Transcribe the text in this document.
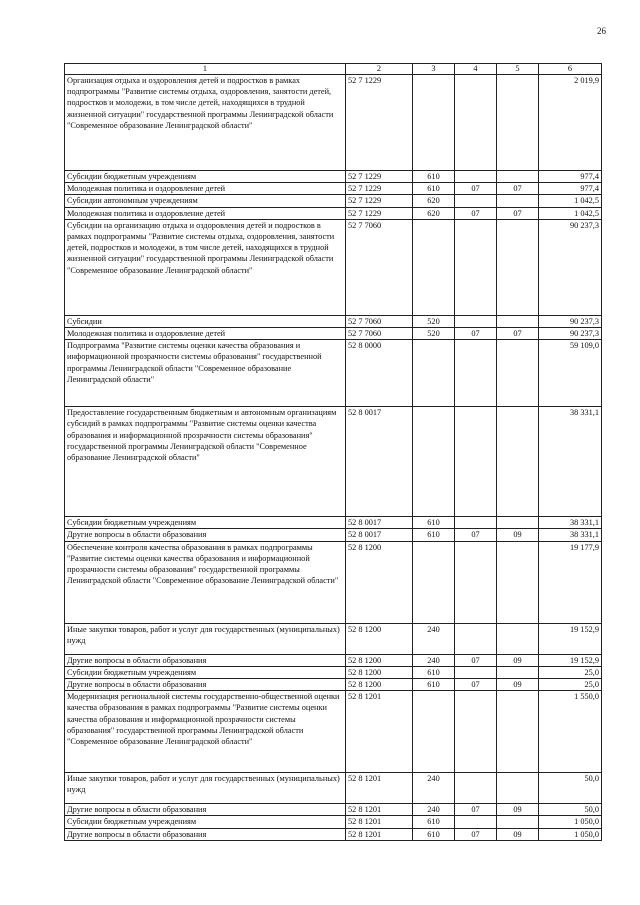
26
1	2	3	4	5	6
Организация отдыха и оздоровления детей и подростков в рамках подпрограммы "Развитие системы отдыха, оздоровления, занятости детей, подростков и молодежи, в том числе детей, находящихся в трудной жизненной ситуации" государственной программы Ленинградской области "Современное образование Ленинградской области"	52 7 1229				2 019,9
Субсидии бюджетным учреждениям	52 7 1229	610			977,4
Молодежная политика и оздоровление детей	52 7 1229	610	07	07	977,4
Субсидии автономным учреждениям	52 7 1229	620			1 042,5
Молодежная политика и оздоровление детей	52 7 1229	620	07	07	1 042,5
Субсидии на организацию отдыха и оздоровления детей и подростков в рамках подпрограммы "Развитие системы отдыха, оздоровления, занятости детей, подростков и молодежи, в том числе детей, находящихся в трудной жизненной ситуации" государственной программы Ленинградской области "Современное образование Ленинградской области"	52 7 7060				90 237,3
Субсидии	52 7 7060	520			90 237,3
Молодежная политика и оздоровление детей	52 7 7060	520	07	07	90 237,3
Подпрограмма "Развитие системы оценки качества образования и информационной прозрачности системы образования" государственной программы Ленинградской области "Современное образование Ленинградской области"	52 8 0000				59 109,0
Предоставление государственным бюджетным и автономным организациям субсидий в рамках подпрограммы "Развитие системы оценки качества образования и информационной прозрачности системы образования" государственной программы Ленинградской области "Современное образование Ленинградской области"	52 8 0017				38 331,1
Субсидии бюджетным учреждениям	52 8 0017	610			38 331,1
Другие вопросы в области образования	52 8 0017	610	07	09	38 331,1
Обеспечение контроля качества образования в рамках подпрограммы "Развитие системы оценки качества образования и информационной прозрачности системы образования" государственной программы Ленинградской области "Современное образование Ленинградской области"	52 8 1200				19 177,9
Иные закупки товаров, работ и услуг для государственных (муниципальных) нужд	52 8 1200	240			19 152,9
Другие вопросы в области образования	52 8 1200	240	07	09	19 152,9
Субсидии бюджетным учреждениям	52 8 1200	610			25,0
Другие вопросы в области образования	52 8 1200	610	07	09	25,0
Модернизация региональной системы государственно-общественной оценки качества образования в рамках подпрограммы "Развитие системы оценки качества образования и информационной прозрачности системы образования" государственной программы Ленинградской области "Современное образование Ленинградской области"	52 8 1201				1 550,0
Иные закупки товаров, работ и услуг для государственных (муниципальных) нужд	52 8 1201	240			50,0
Другие вопросы в области образования	52 8 1201	240	07	09	50,0
Субсидии бюджетным учреждениям	52 8 1201	610			1 050,0
Другие вопросы в области образования	52 8 1201	610	07	09	1 050,0
